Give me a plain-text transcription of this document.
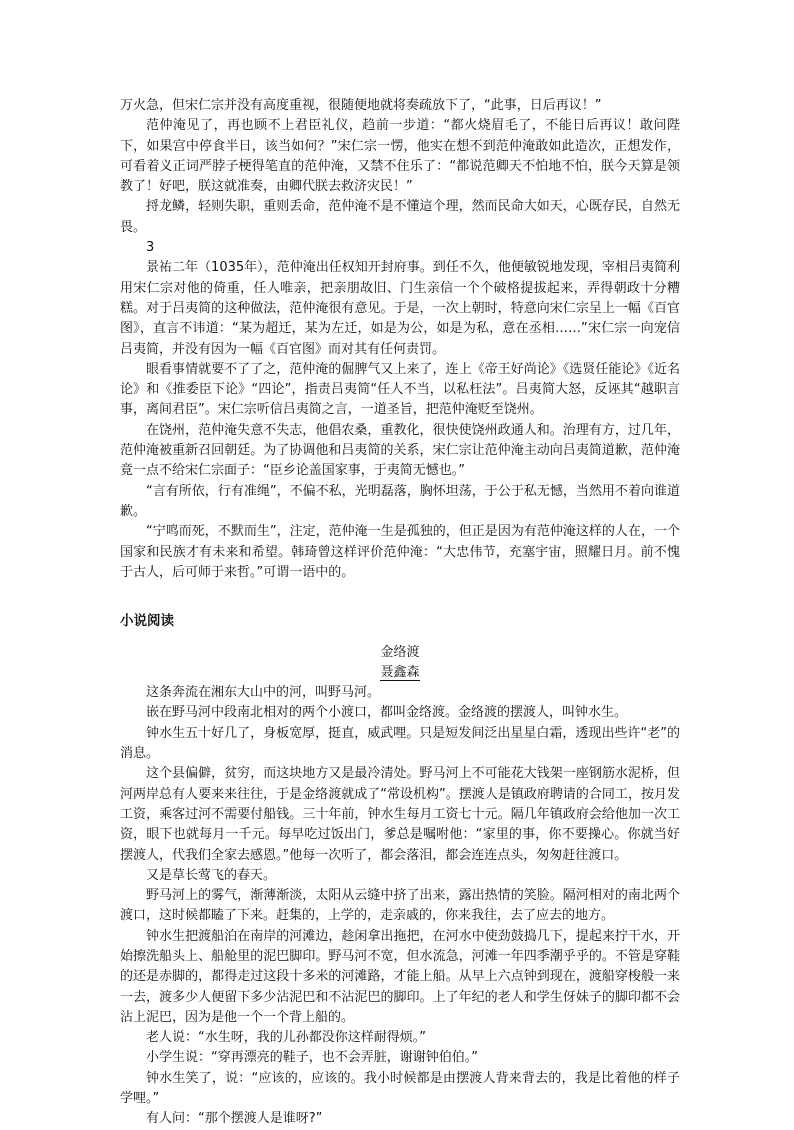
万火急，但宋仁宗并没有高度重视，很随便地就将奏疏放下了，“此事，日后再议！”

范仲淹见了，再也顾不上君臣礼仪，趋前一步道：“都火烧眉毛了，不能日后再议！敢问陛下，如果宫中停食半日，该当如何？”宋仁宗一愣，他实在想不到范仲淹敢如此造次，正想发作，可看着义正词严脖子梗得笔直的范仲淹，又禁不住乐了：“都说范卿天不怕地不怕，朕今天算是领教了！好吧，朕这就准奏，由卿代朕去救济灾民！”

捋龙鳞，轻则失职，重则丢命，范仲淹不是不懂這个理，然而民命大如天，心既存民，自然无畏。

3

景祐二年（1035年），范仲淹出任权知开封府事。到任不久，他便敏锐地发现，宰相吕夷简利用宋仁宗对他的倚重，任人唯亲，把亲朋故旧、门生亲信一个个破格提拔起来，弄得朝政十分糟糕。对于吕夷简的这种做法，范仲淹很有意见。于是，一次上朝时，特意向宋仁宗呈上一幅《百官图》，直言不讳道：“某为超迁，某为左迁，如是为公，如是为私，意在丞相……”宋仁宗一向宠信吕夷简，并没有因为一幅《百官图》而对其有任何责罚。

眼看事情就要不了了之，范仲淹的倔脾气又上来了，连上《帝王好尚论》《选贤任能论》《近名论》和《推委臣下论》“四论”，指责吕夷简“任人不当，以私枉法”。吕夷简大怒，反诬其“越职言事，离间君臣”。宋仁宗听信吕夷简之言，一道圣旨，把范仲淹贬至饶州。

在饶州，范仲淹失意不失志，他倡农桑，重教化，很快使饶州政通人和。治理有方，过几年，范仲淹被重新召回朝廷。为了协调他和吕夷简的关系，宋仁宗让范仲淹主动向吕夷简道歉，范仲淹竟一点不给宋仁宗面子：“臣乡论盖国家事，于夷简无憾也。”

“言有所依，行有准绳”，不偏不私，光明磊落，胸怀坦荡，于公于私无憾，当然用不着向谁道歉。

“宁鸣而死，不默而生”，注定，范仲淹一生是孤独的，但正是因为有范仲淹这样的人在，一个国家和民族才有未来和希望。韩琦曾这样评价范仲淹：“大忠伟节，充塞宇宙，照耀日月。前不愧于古人，后可师于来哲。”可谓一语中的。

小说阅读

金络渡

聂鑫森

这条奔流在湘东大山中的河，叫野马河。

嵌在野马河中段南北相对的两个小渡口，都叫金络渡。金络渡的摆渡人，叫钟水生。

钟水生五十好几了，身板宽厚，挺直，威武哩。只是短发间泛出星星白霜，透现出些许“老”的消息。

这个县偏僻，贫穷，而这块地方又是最冷清处。野马河上不可能花大钱架一座钢筋水泥桥，但河两岸总有人要来来往往，于是金络渡就成了“常设机构”。摆渡人是镇政府聘请的合同工，按月发工资，乘客过河不需要付船钱。三十年前，钟水生每月工资七十元。隔几年镇政府会给他加一次工资，眼下也就每月一千元。每早吃过饭出门，爹总是嘱咐他：“家里的事，你不要操心。你就当好摆渡人，代我们全家去感恩。”他每一次听了，都会落泪，都会连连点头，匆匆赶往渡口。

又是草长莺飞的春天。

野马河上的雾气，渐薄渐淡，太阳从云缝中挤了出来，露出热情的笑脸。隔河相对的南北两个渡口，这时候都瞌了下来。赶集的，上学的，走亲戚的，你来我往，去了应去的地方。

钟水生把渡船泊在南岸的河滩边，趁闲拿出拖把，在河水中使劲鼓捣几下，提起来拧干水，开始擦洗船头上、船舱里的泥巴脚印。野马河不宽，但水流急，河滩一年四季潮乎乎的。不管是穿鞋的还是赤脚的，都得走过这段十多米的河滩路，才能上船。从早上六点钟到现在，渡船穿梭般一来一去，渡多少人便留下多少沾泥巴和不沾泥巴的脚印。上了年纪的老人和学生伢妹子的脚印都不会沾上泥巴，因为是他一个一个背上船的。

老人说：“水生呀，我的儿孙都没你这样耐得烦。”

小学生说：“穿再漂亮的鞋子，也不会弄脏，谢谢钟伯伯。”

钟水生笑了，说：“应该的，应该的。我小时候都是由摆渡人背来背去的，我是比着他的样子学哩。”

有人问：“那个摆渡人是谁呀?”
